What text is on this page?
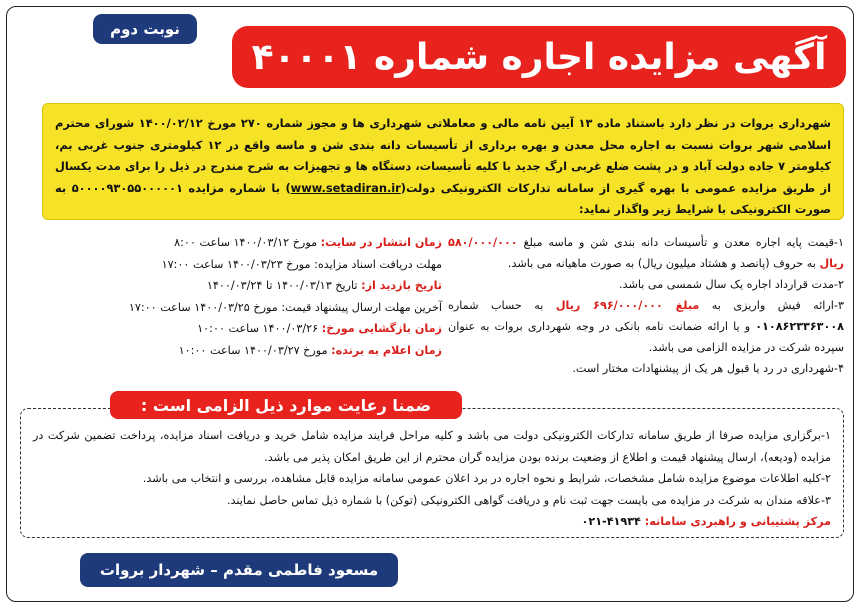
نوبت دوم
آگهی مزایده اجاره شماره ۴۰۰۰۱
شهرداری بروات در نظر دارد باستناد ماده ۱۳ آیین نامه مالی و معاملاتی شهرداری ها و مجوز شماره ۲۷۰ مورخ ۱۴۰۰/۰۲/۱۲ شورای محترم اسلامی شهر بروات نسبت به اجاره محل معدن و بهره برداری از تأسیسات دانه بندی شن و ماسه واقع در ۱۲ کیلومتری جنوب غربی بم، کیلومتر ۷ جاده دولت آباد و در پشت ضلع غربی ارگ جدید با کلیه تأسیسات، دستگاه ها و تجهیزات به شرح مندرج در ذیل را برای مدت یکسال از طریق مزایده عمومی با بهره گیری از سامانه تدارکات الکترونیکی دولت(www.setadiran.ir) با شماره مزایده ۵۰۰۰۰۹۳۰۵۵۰۰۰۰۰۱ به صورت الکترونیکی با شرایط زیر واگذار نماید:

۱-قیمت پایه اجاره معدن و تأسیسات دانه بندی شن و ماسه مبلغ ۵۸۰/۰۰۰/۰۰۰ ریال به حروف (پانصد و هشتاد میلیون ریال) به صورت ماهیانه می باشد.

۲-مدت قرارداد اجاره یک سال شمسی می باشد.

۳-ارائه فیش واریزی به مبلغ ۶۹۶/۰۰۰/۰۰۰ ریال به حساب شماره ۰۱۰۸۶۲۳۳۶۳۰۰۸ و یا ارائه ضمانت نامه بانکی در وجه شهرداری بروات به عنوان سپرده شرکت در مزایده الزامی می باشد.

۴-شهرداری در رد یا قبول هر یک از پیشنهادات مختار است.

زمان انتشار در سایت: مورخ ۱۴۰۰/۰۳/۱۲ ساعت ۸:۰۰

مهلت دریافت اسناد مزایده: مورخ ۱۴۰۰/۰۳/۲۳ ساعت ۱۷:۰۰

تاریخ بازدید از: تاریخ ۱۴۰۰/۰۳/۱۳ تا ۱۴۰۰/۰۳/۲۴

آخرین مهلت ارسال پیشنهاد قیمت: مورخ ۱۴۰۰/۰۳/۲۵ ساعت ۱۷:۰۰

زمان بازگشایی مورخ: ۱۴۰۰/۰۳/۲۶ ساعت ۱۰:۰۰

زمان اعلام به برنده: مورخ ۱۴۰۰/۰۳/۲۷ ساعت ۱۰:۰۰

۱-برگزاری مزایده صرفا از طریق سامانه تدارکات الکترونیکی دولت می باشد و کلیه مراحل فرایند مزایده شامل خرید و دریافت اسناد مزایده، پرداخت تضمین شرکت در مزایده (ودیعه)، ارسال پیشنهاد قیمت و اطلاع از وضعیت برنده بودن مزایده گران محترم از این طریق امکان پذیر می باشد.

۲-کلیه اطلاعات موضوع مزایده شامل مشخصات، شرایط و نحوه اجاره در برد اعلان عمومی سامانه مزایده قابل مشاهده، بررسی و انتخاب می باشد.

۳-علاقه مندان به شرکت در مزایده می بایست جهت ثبت نام و دریافت گواهی الکترونیکی (توکن) با شماره ذیل تماس حاصل نمایند.

مرکز پشتیبانی و راهبردی سامانه: ۴۱۹۳۴-۰۲۱

ضمنا رعایت موارد ذیل الزامی است :
مسعود فاطمی مقدم – شهردار بروات
